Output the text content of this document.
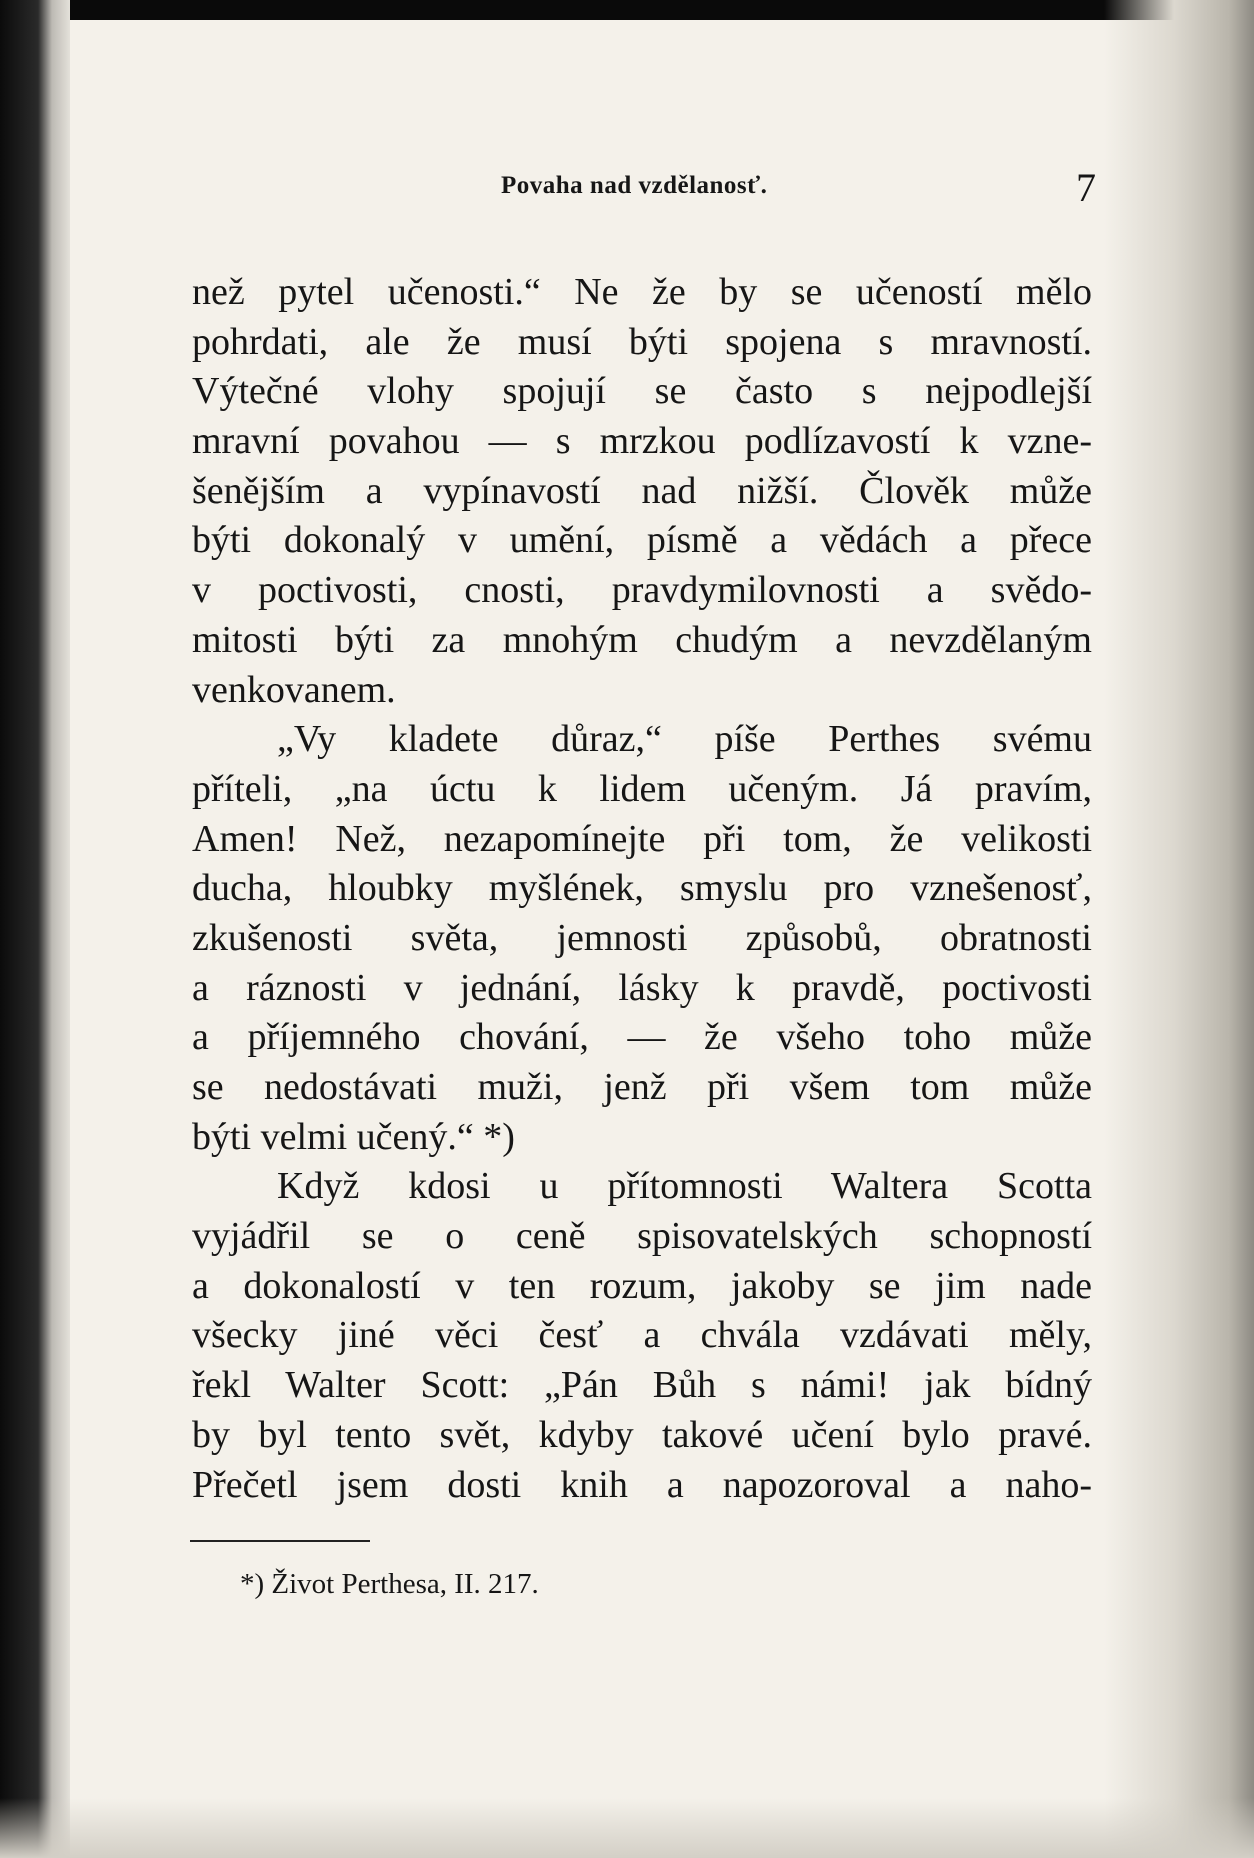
Povaha nad vzdělanosť.	7
než pytel učenosti.“ Ne že by se učeností mělo
pohrdati, ale že musí býti spojena s mravností.
Výtečné vlohy spojují se často s nejpodlejší
mravní povahou — s mrzkou podlízavostí k vzne-
šenějším a vypínavostí nad nižší. Člověk může
býti dokonalý v umění, písmě a vědách a přece
v poctivosti, cnosti, pravdymilovnosti a svědo-
mitosti býti za mnohým chudým a nevzdělaným
venkovanem.
„Vy kladete důraz,“ píše Perthes svému
příteli, „na úctu k lidem učeným. Já pravím,
Amen! Než, nezapomínejte při tom, že velikosti
ducha, hloubky myšlének, smyslu pro vznešenosť,
zkušenosti světa, jemnosti způsobů, obratnosti
a ráznosti v jednání, lásky k pravdě, poctivosti
a příjemného chování, — že všeho toho může
se nedostávati muži, jenž při všem tom může
býti velmi učený.“ *)
Když kdosi u přítomnosti Waltera Scotta
vyjádřil se o ceně spisovatelských schopností
a dokonalostí v ten rozum, jakoby se jim nade
všecky jiné věci česť a chvála vzdávati měly,
řekl Walter Scott: „Pán Bůh s námi! jak bídný
by byl tento svět, kdyby takové učení bylo pravé.
Přečetl jsem dosti knih a napozoroval a naho-
*) Život Perthesa, II. 217.
